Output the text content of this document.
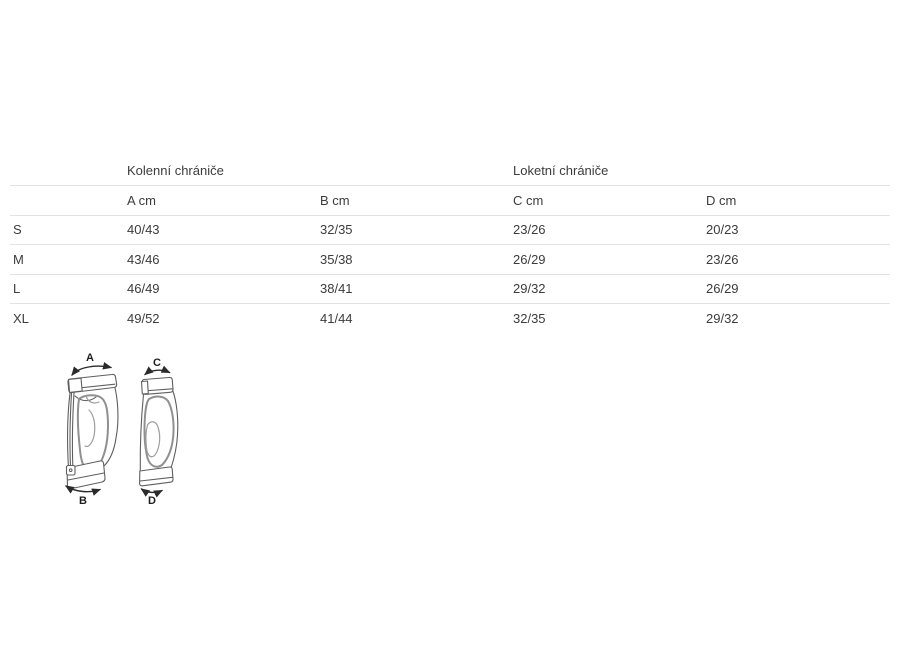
	Kolenní chrániče		Loketní chrániče	
	A cm	B cm	C cm	D cm
S	40/43	32/35	23/26	20/23
M	43/46	35/38	26/29	23/26
L	46/49	38/41	29/32	26/29
XL	49/52	41/44	32/35	29/32
A
B
C
D
